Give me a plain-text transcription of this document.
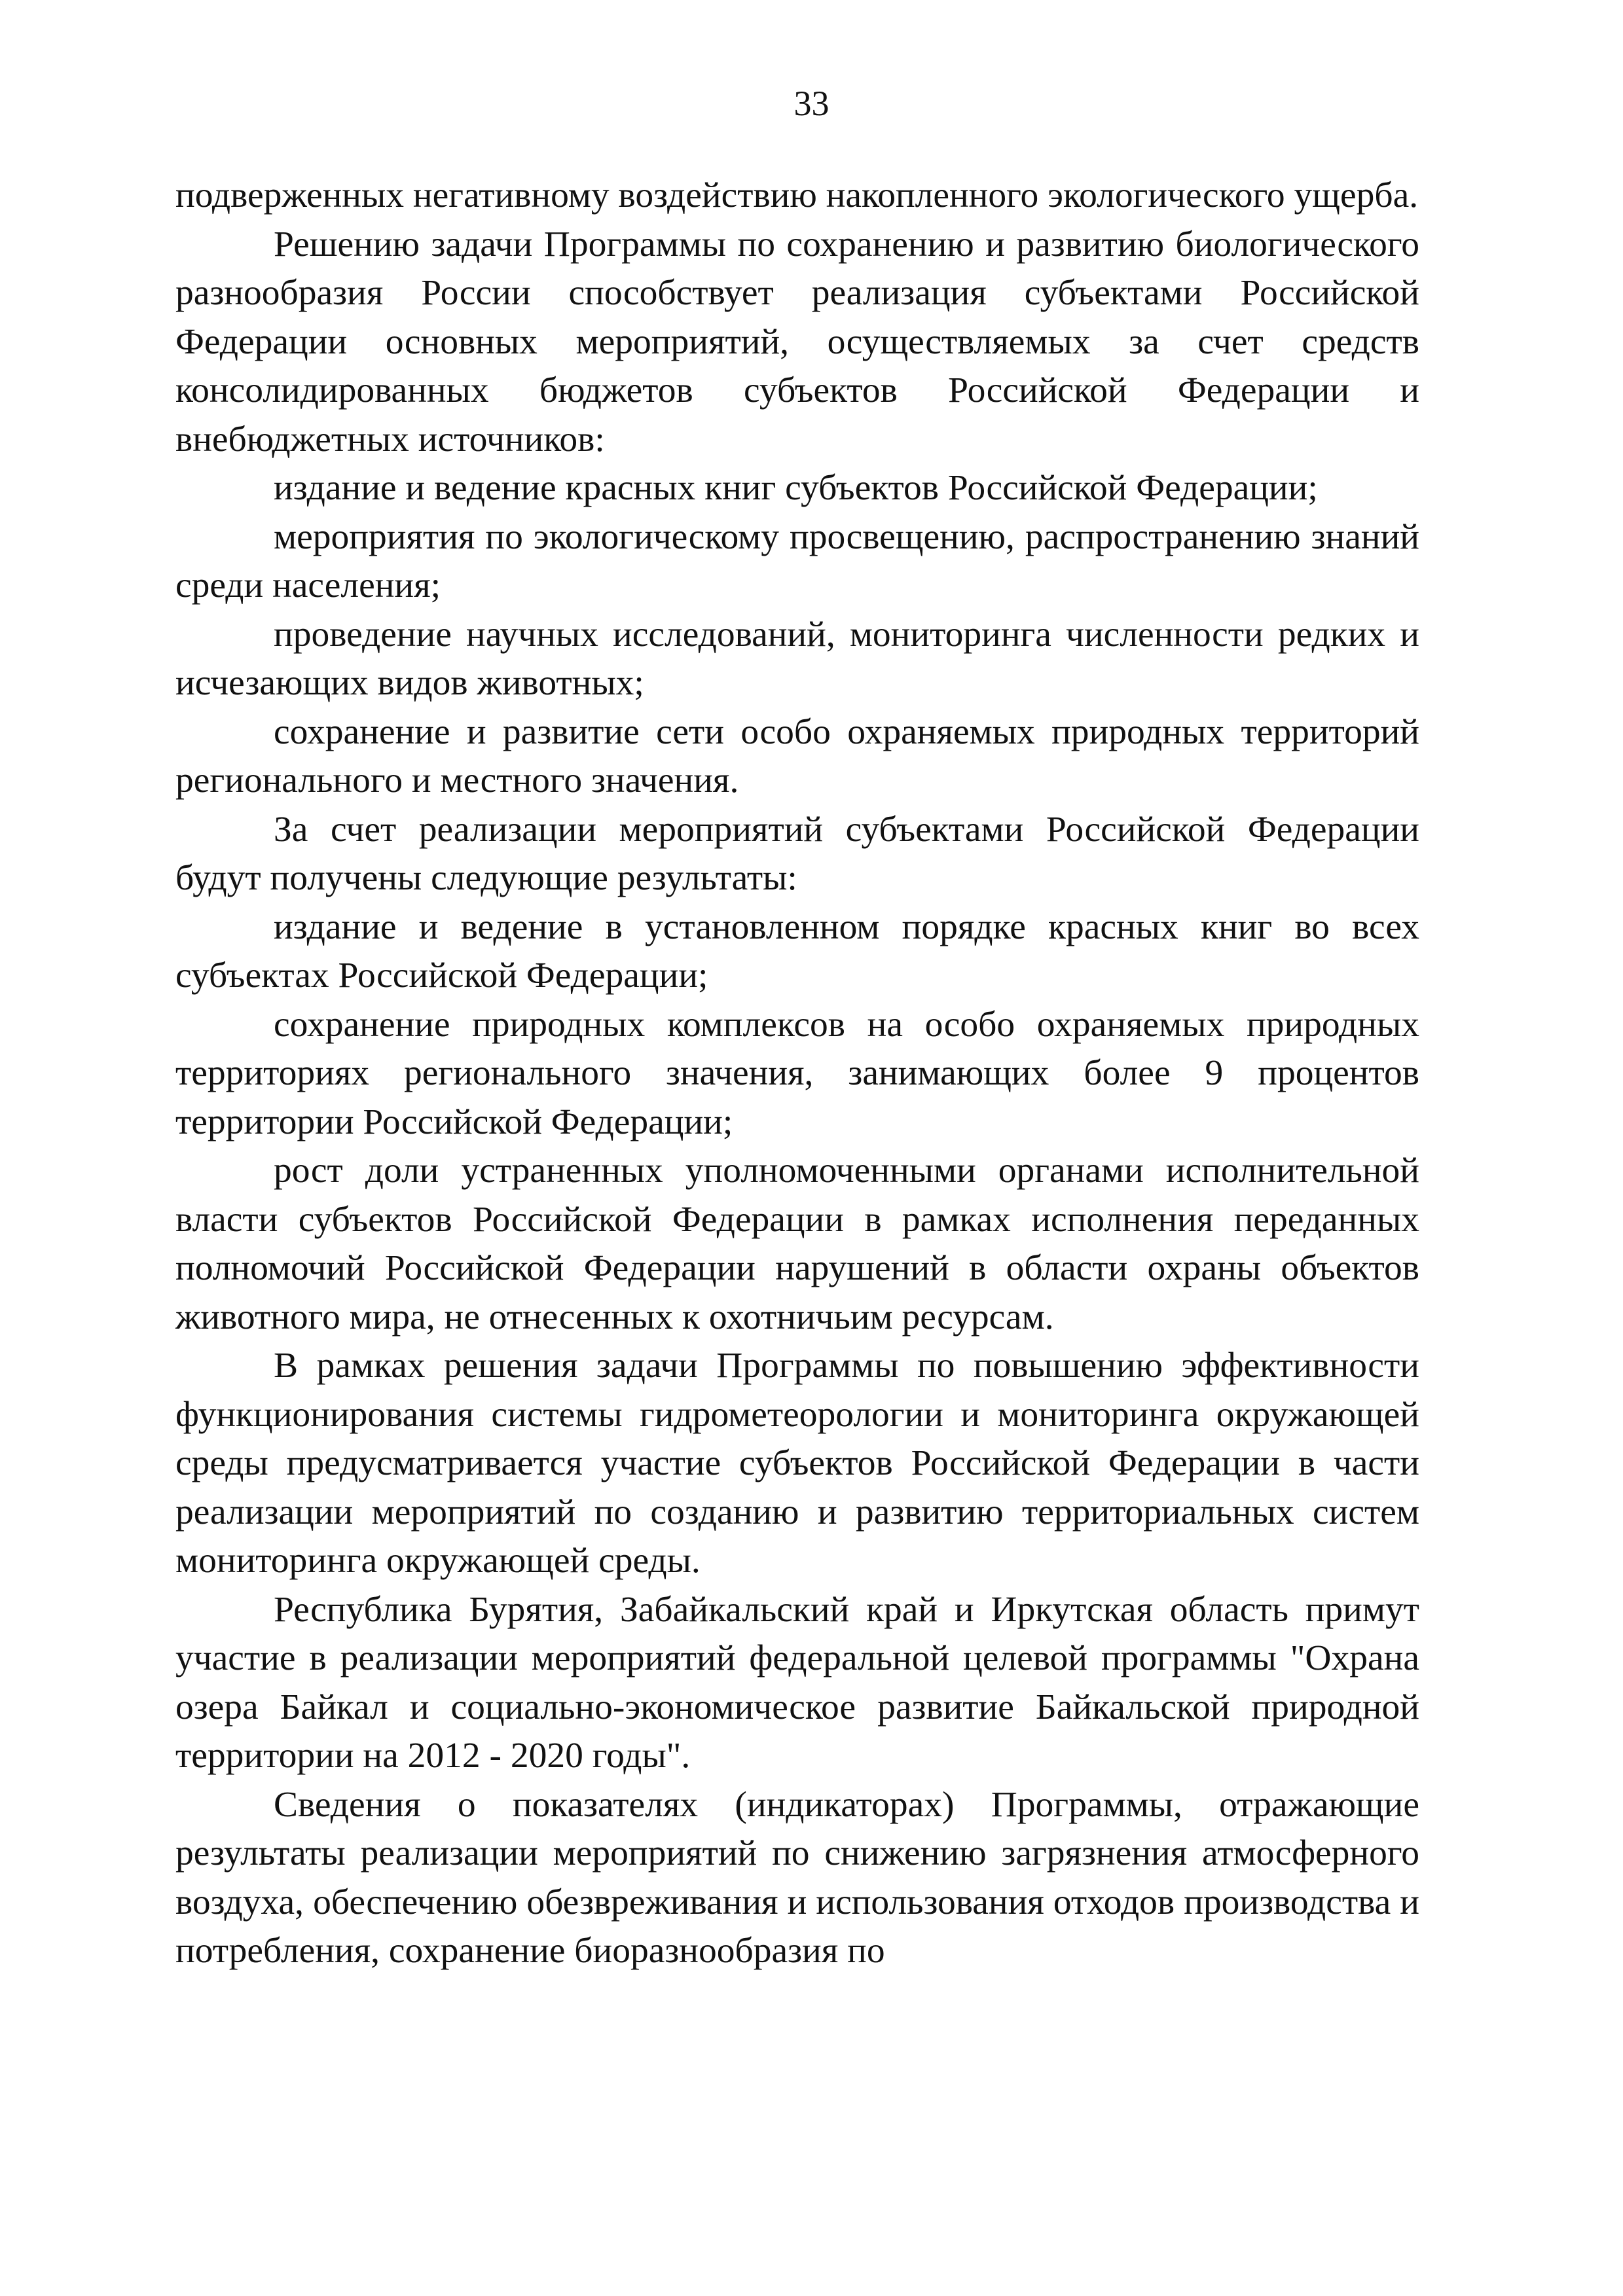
33

подверженных негативному воздействию накопленного экологического ущерба.

Решению задачи Программы по сохранению и развитию биологического разнообразия России способствует реализация субъектами Российской Федерации основных мероприятий, осуществляемых за счет средств консолидированных бюджетов субъектов Российской Федерации и внебюджетных источников:

издание и ведение красных книг субъектов Российской Федерации;

мероприятия по экологическому просвещению, распространению знаний среди населения;

проведение научных исследований, мониторинга численности редких и исчезающих видов животных;

сохранение и развитие сети особо охраняемых природных территорий регионального и местного значения.

За счет реализации мероприятий субъектами Российской Федерации будут получены следующие результаты:

издание и ведение в установленном порядке красных книг во всех субъектах Российской Федерации;

сохранение природных комплексов на особо охраняемых природных территориях регионального значения, занимающих более 9 процентов территории Российской Федерации;

рост доли устраненных уполномоченными органами исполнительной власти субъектов Российской Федерации в рамках исполнения переданных полномочий Российской Федерации нарушений в области охраны объектов животного мира, не отнесенных к охотничьим ресурсам.

В рамках решения задачи Программы по повышению эффективности функционирования системы гидрометеорологии и мониторинга окружающей среды предусматривается участие субъектов Российской Федерации в части реализации мероприятий по созданию и развитию территориальных систем мониторинга окружающей среды.

Республика Бурятия, Забайкальский край и Иркутская область примут участие в реализации мероприятий федеральной целевой программы "Охрана озера Байкал и социально-экономическое развитие Байкальской природной территории на 2012 - 2020 годы".

Сведения о показателях (индикаторах) Программы, отражающие результаты реализации мероприятий по снижению загрязнения атмосферного воздуха, обеспечению обезвреживания и использования отходов производства и потребления, сохранение биоразнообразия по
